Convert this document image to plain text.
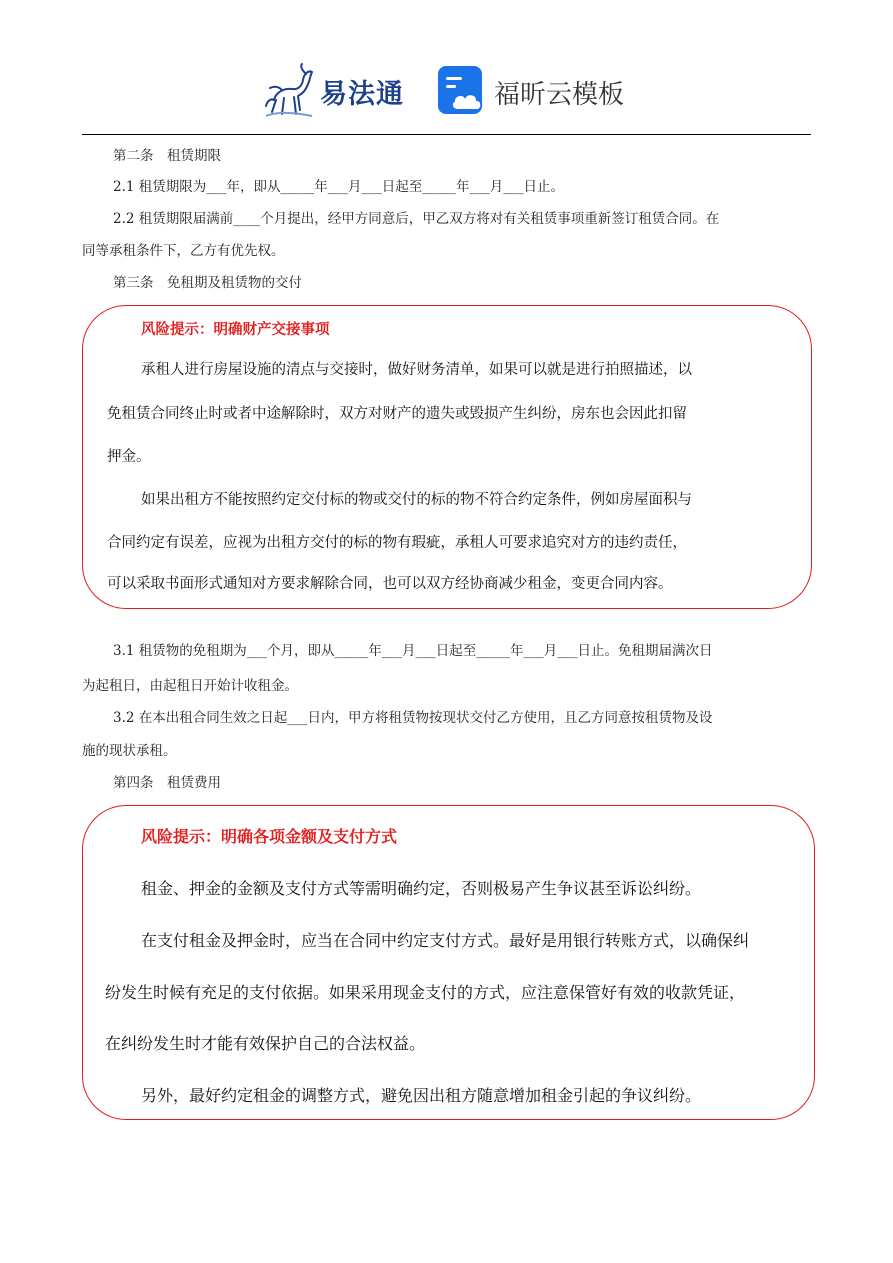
易法通	福昕云模板
第二条　租赁期限
2.1 租赁期限为___年，即从_____年___月___日起至_____年___月___日止。
2.2 租赁期限届满前____个月提出，经甲方同意后，甲乙双方将对有关租赁事项重新签订租赁合同。在
同等承租条件下，乙方有优先权。
第三条　免租期及租赁物的交付
风险提示：明确财产交接事项
承租人进行房屋设施的清点与交接时，做好财务清单，如果可以就是进行拍照描述，以
免租赁合同终止时或者中途解除时，双方对财产的遗失或毁损产生纠纷，房东也会因此扣留
押金。
如果出租方不能按照约定交付标的物或交付的标的物不符合约定条件，例如房屋面积与
合同约定有误差，应视为出租方交付的标的物有瑕疵，承租人可要求追究对方的违约责任，
可以采取书面形式通知对方要求解除合同，也可以双方经协商减少租金，变更合同内容。
3.1 租赁物的免租期为___个月，即从_____年___月___日起至_____年___月___日止。免租期届满次日
为起租日，由起租日开始计收租金。
3.2 在本出租合同生效之日起___日内，甲方将租赁物按现状交付乙方使用，且乙方同意按租赁物及设
施的现状承租。
第四条　租赁费用
风险提示：明确各项金额及支付方式
租金、押金的金额及支付方式等需明确约定，否则极易产生争议甚至诉讼纠纷。
在支付租金及押金时，应当在合同中约定支付方式。最好是用银行转账方式，以确保纠
纷发生时候有充足的支付依据。如果采用现金支付的方式，应注意保管好有效的收款凭证，
在纠纷发生时才能有效保护自己的合法权益。
另外，最好约定租金的调整方式，避免因出租方随意增加租金引起的争议纠纷。
